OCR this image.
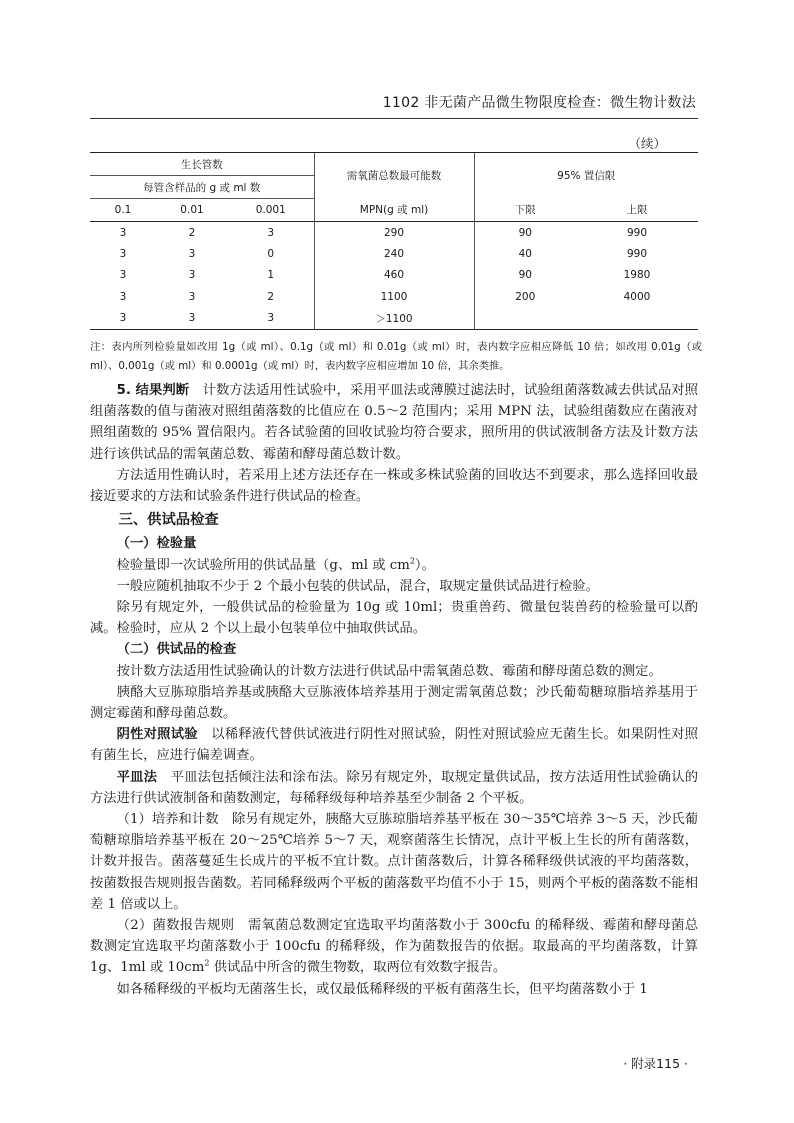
1102 非无菌产品微生物限度检查：微生物计数法
（续）
生长管数			需氧菌总数最可能数	95% 置信限	
每管含样品的 g 或 ml 数					
0.1	0.01	0.001	MPN(g 或 ml)	下限	上限
3	2	3	290	90	990
3	3	0	240	40	990
3	3	1	460	90	1980
3	3	2	1100	200	4000
3	3	3	＞1100		
注：表内所列检验量如改用 1g（或 ml）、0.1g（或 ml）和 0.01g（或 ml）时，表内数字应相应降低 10 倍；如改用 0.01g（或 ml）、0.001g（或 ml）和 0.0001g（或 ml）时，表内数字应相应增加 10 倍，其余类推。

5. 结果判断　 计数方法适用性试验中，采用平皿法或薄膜过滤法时，试验组菌落数减去供试品对照组菌落数的值与菌液对照组菌落数的比值应在 0.5～2 范围内；采用 MPN 法，试验组菌数应在菌液对照组菌数的 95% 置信限内。若各试验菌的回收试验均符合要求，照所用的供试液制备方法及计数方法进行该供试品的需氧菌总数、霉菌和酵母菌总数计数。

方法适用性确认时，若采用上述方法还存在一株或多株试验菌的回收达不到要求，那么选择回收最接近要求的方法和试验条件进行供试品的检查。

三、供试品检查
（一）检验量

检验量即一次试验所用的供试品量（g、ml 或 $cm^2$）。

一般应随机抽取不少于 2 个最小包装的供试品，混合，取规定量供试品进行检验。

除另有规定外，一般供试品的检验量为 10g 或 10ml；贵重兽药、微量包装兽药的检验量可以酌减。检验时，应从 2 个以上最小包装单位中抽取供试品。

（二）供试品的检查

按计数方法适用性试验确认的计数方法进行供试品中需氧菌总数、霉菌和酵母菌总数的测定。

胰酪大豆胨琼脂培养基或胰酪大豆胨液体培养基用于测定需氧菌总数；沙氏葡萄糖琼脂培养基用于测定霉菌和酵母菌总数。

阴性对照试验　 以稀释液代替供试液进行阴性对照试验，阴性对照试验应无菌生长。如果阴性对照有菌生长，应进行偏差调查。

平皿法　 平皿法包括倾注法和涂布法。除另有规定外，取规定量供试品，按方法适用性试验确认的方法进行供试液制备和菌数测定，每稀释级每种培养基至少制备 2 个平板。

（1）培养和计数　除另有规定外，胰酪大豆胨琼脂培养基平板在 30～35℃培养 3～5 天，沙氏葡萄糖琼脂培养基平板在 20～25℃培养 5～7 天，观察菌落生长情况，点计平板上生长的所有菌落数，计数并报告。菌落蔓延生长成片的平板不宜计数。点计菌落数后，计算各稀释级供试液的平均菌落数，按菌数报告规则报告菌数。若同稀释级两个平板的菌落数平均值不小于 15，则两个平板的菌落数不能相差 1 倍或以上。

（2）菌数报告规则　需氧菌总数测定宜选取平均菌落数小于 300cfu 的稀释级、霉菌和酵母菌总数测定宜选取平均菌落数小于 100cfu 的稀释级，作为菌数报告的依据。取最高的平均菌落数，计算 1g、1ml 或 $10cm^2$ 供试品中所含的微生物数，取两位有效数字报告。

如各稀释级的平板均无菌落生长，或仅最低稀释级的平板有菌落生长，但平均菌落数小于 1

· 附录115 ·
